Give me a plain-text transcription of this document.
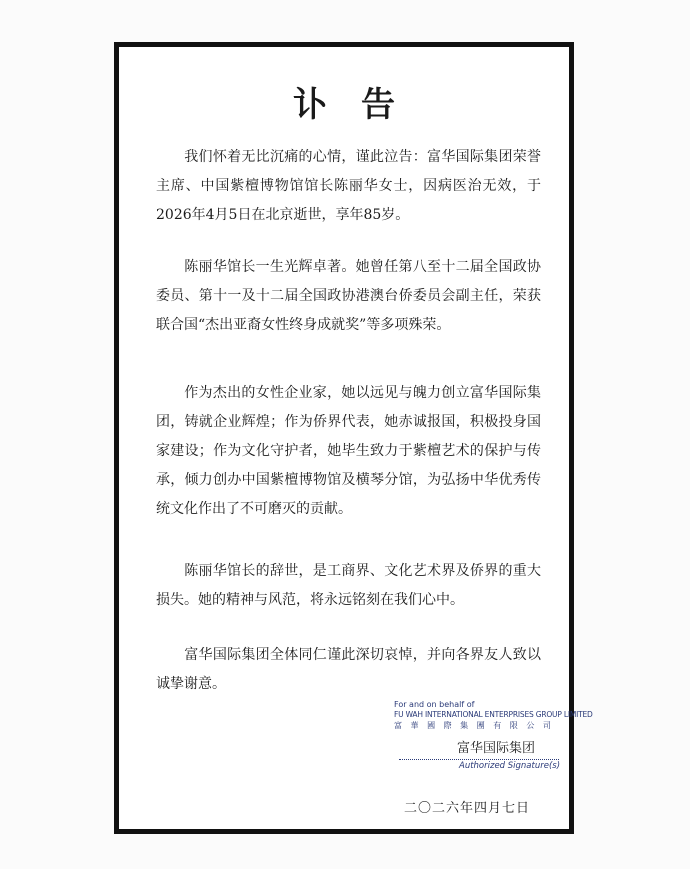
讣告
我们怀着无比沉痛的心情，谨此泣告：富华国际集团荣誉主席、中国紫檀博物馆馆长陈丽华女士，因病医治无效，于2026年4月5日在北京逝世，享年85岁。
陈丽华馆长一生光辉卓著。她曾任第八至十二届全国政协委员、第十一及十二届全国政协港澳台侨委员会副主任，荣获联合国“杰出亚裔女性终身成就奖”等多项殊荣。
作为杰出的女性企业家，她以远见与魄力创立富华国际集团，铸就企业辉煌；作为侨界代表，她赤诚报国，积极投身国家建设；作为文化守护者，她毕生致力于紫檀艺术的保护与传承，倾力创办中国紫檀博物馆及横琴分馆，为弘扬中华优秀传统文化作出了不可磨灭的贡献。
陈丽华馆长的辞世，是工商界、文化艺术界及侨界的重大损失。她的精神与风范，将永远铭刻在我们心中。
富华国际集团全体同仁谨此深切哀悼，并向各界友人致以诚挚谢意。
For and on behalf of
FU WAH INTERNATIONAL ENTERPRISES GROUP LIMITED
富 華 國 際 集 團 有 限 公 司
富华国际集团
Authorized Signature(s)
二〇二六年四月七日
